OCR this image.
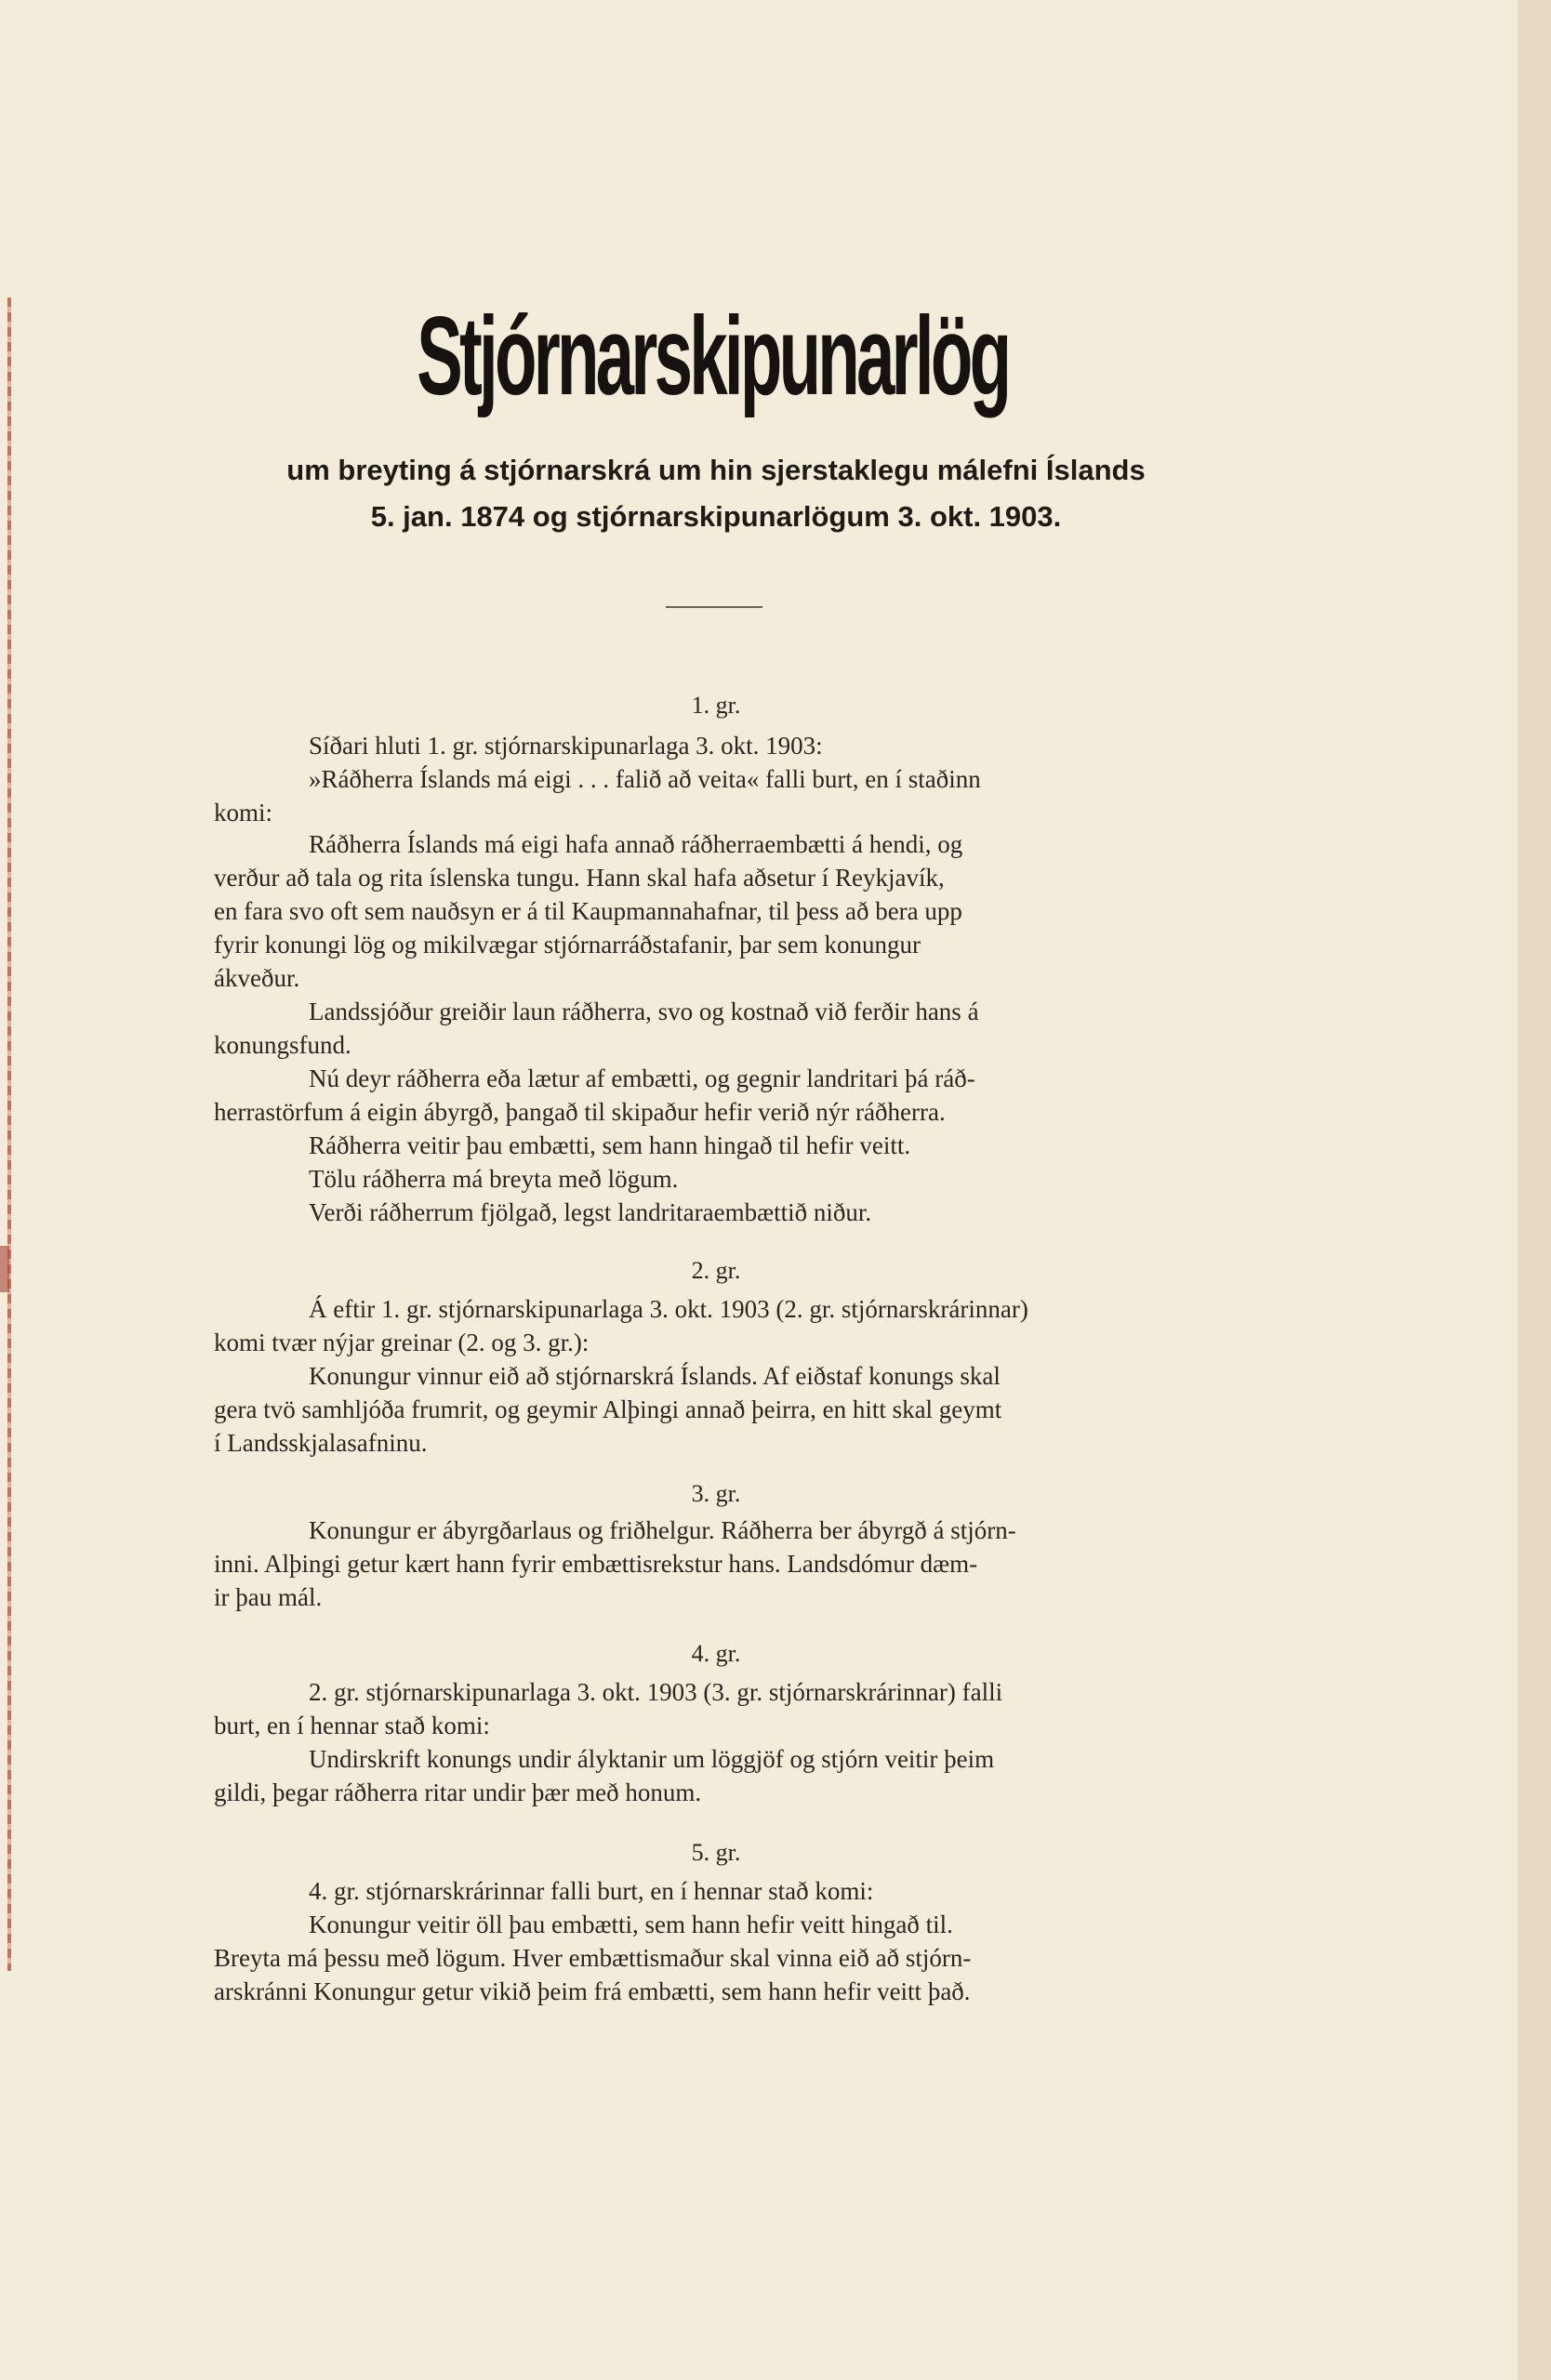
Stjórnarskipunarlög
um breyting á stjórnarskrá um hin sjerstaklegu málefni Íslands
5. jan. 1874 og stjórnarskipunarlögum 3. okt. 1903.
1. gr.
Síðari hluti 1. gr. stjórnarskipunarlaga 3. okt. 1903:
»Ráðherra Íslands má eigi . . . falið að veita« falli burt, en í staðinn
komi:
Ráðherra Íslands má eigi hafa annað ráðherraembætti á hendi, og
verður að tala og rita íslenska tungu. Hann skal hafa aðsetur í Reykjavík,
en fara svo oft sem nauðsyn er á til Kaupmannahafnar, til þess að bera upp
fyrir konungi lög og mikilvægar stjórnarráðstafanir, þar sem konungur
ákveður.
Landssjóður greiðir laun ráðherra, svo og kostnað við ferðir hans á
konungsfund.
Nú deyr ráðherra eða lætur af embætti, og gegnir landritari þá ráð-
herrastörfum á eigin ábyrgð, þangað til skipaður hefir verið nýr ráðherra.
Ráðherra veitir þau embætti, sem hann hingað til hefir veitt.
Tölu ráðherra má breyta með lögum.
Verði ráðherrum fjölgað, legst landritaraembættið niður.
2. gr.
Á eftir 1. gr. stjórnarskipunarlaga 3. okt. 1903 (2. gr. stjórnarskrárinnar)
komi tvær nýjar greinar (2. og 3. gr.):
Konungur vinnur eið að stjórnarskrá Íslands. Af eiðstaf konungs skal
gera tvö samhljóða frumrit, og geymir Alþingi annað þeirra, en hitt skal geymt
í Landsskjalasafninu.
3. gr.
Konungur er ábyrgðarlaus og friðhelgur. Ráðherra ber ábyrgð á stjórn-
inni. Alþingi getur kært hann fyrir embættisrekstur hans. Landsdómur dæm-
ir þau mál.
4. gr.
2. gr. stjórnarskipunarlaga 3. okt. 1903 (3. gr. stjórnarskrárinnar) falli
burt, en í hennar stað komi:
Undirskrift konungs undir ályktanir um löggjöf og stjórn veitir þeim
gildi, þegar ráðherra ritar undir þær með honum.
5. gr.
4. gr. stjórnarskrárinnar falli burt, en í hennar stað komi:
Konungur veitir öll þau embætti, sem hann hefir veitt hingað til.
Breyta má þessu með lögum. Hver embættismaður skal vinna eið að stjórn-
arskránni Konungur getur vikið þeim frá embætti, sem hann hefir veitt það.
